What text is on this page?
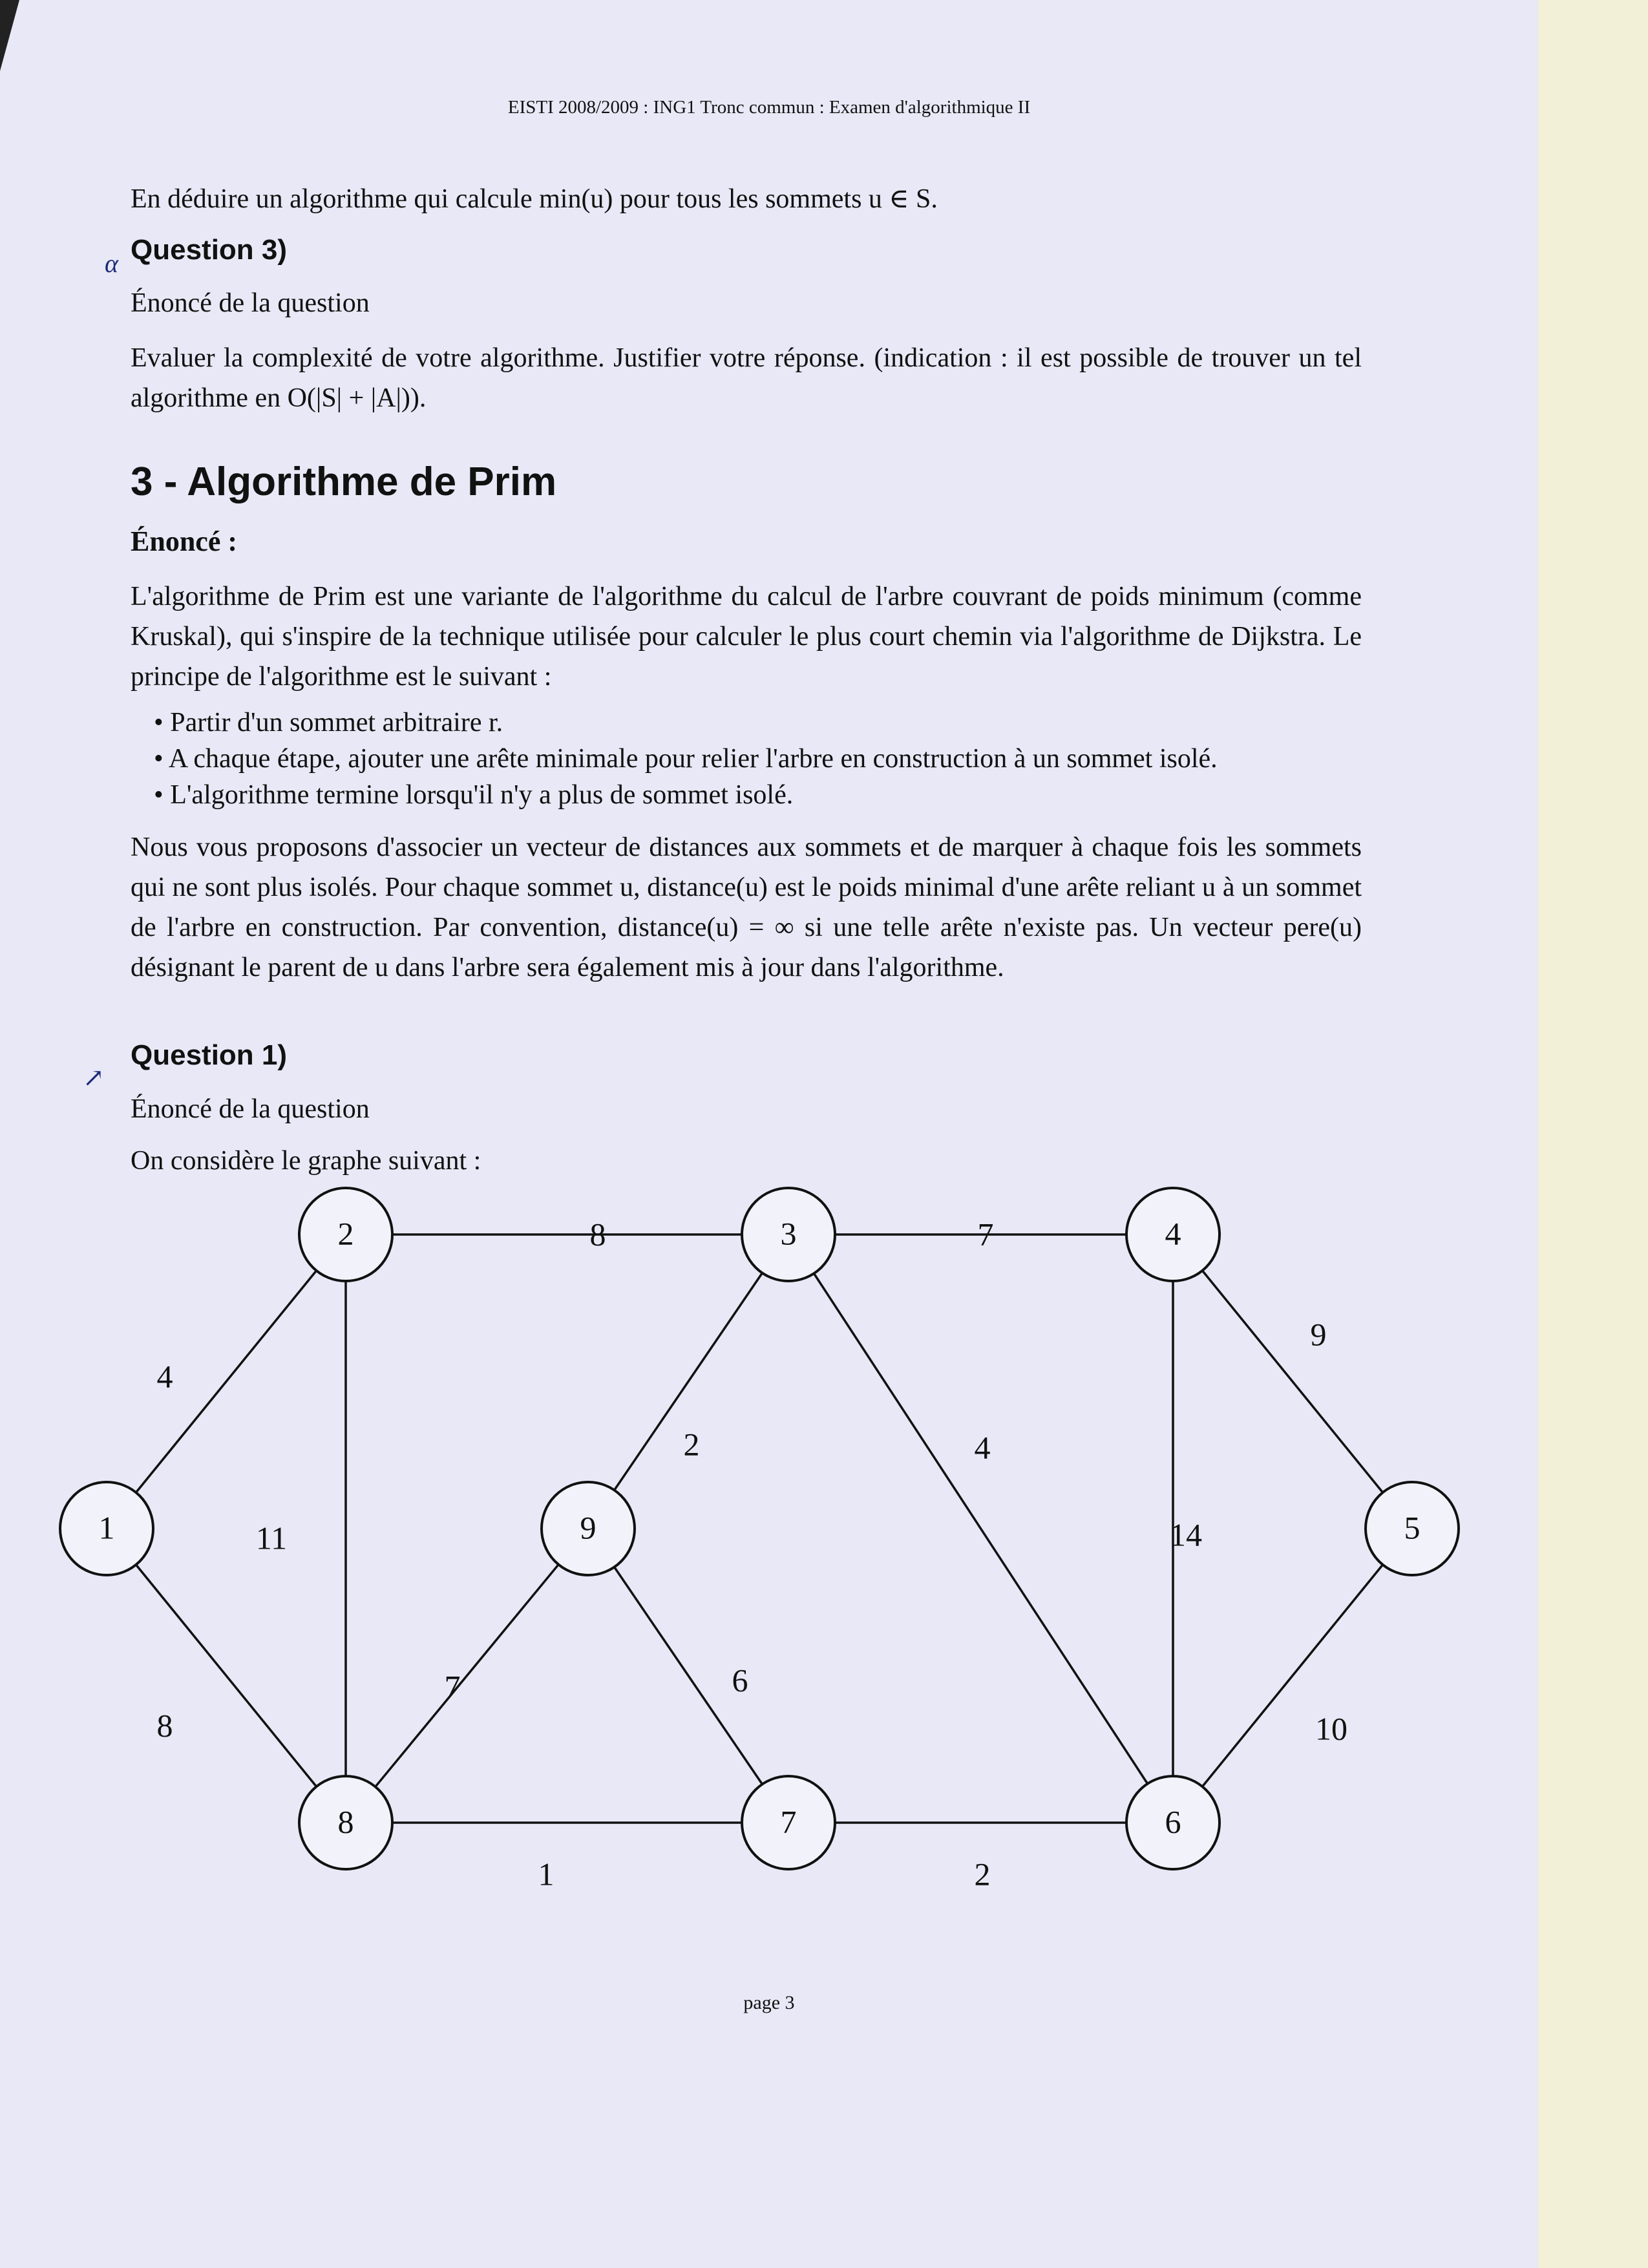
EISTI 2008/2009 : ING1 Tronc commun : Examen d'algorithmique II
En déduire un algorithme qui calcule min(u) pour tous les sommets u ∈ S.
α Question 3)
Énoncé de la question
Evaluer la complexité de votre algorithme. Justifier votre réponse. (indication : il est possible de trouver un tel algorithme en O(|S| + |A|)).
3 - Algorithme de Prim
Énoncé :
L'algorithme de Prim est une variante de l'algorithme du calcul de l'arbre couvrant de poids minimum (comme Kruskal), qui s'inspire de la technique utilisée pour calculer le plus court chemin via l'algorithme de Dijkstra. Le principe de l'algorithme est le suivant :
• Partir d'un sommet arbitraire r.
• A chaque étape, ajouter une arête minimale pour relier l'arbre en construction à un sommet isolé.
• L'algorithme termine lorsqu'il n'y a plus de sommet isolé.
Nous vous proposons d'associer un vecteur de distances aux sommets et de marquer à chaque fois les sommets qui ne sont plus isolés. Pour chaque sommet u, distance(u) est le poids minimal d'une arête reliant u à un sommet de l'arbre en construction. Par convention, distance(u) = ∞ si une telle arête n'existe pas. Un vecteur pere(u) désignant le parent de u dans l'arbre sera également mis à jour dans l'algorithme.
↗
Question 1)
Énoncé de la question
On considère le graphe suivant :
4
8	7
9
8
11
2	4
14
10
7	6
1	2
1
2	3	4
5
6
7
8
9
page 3
